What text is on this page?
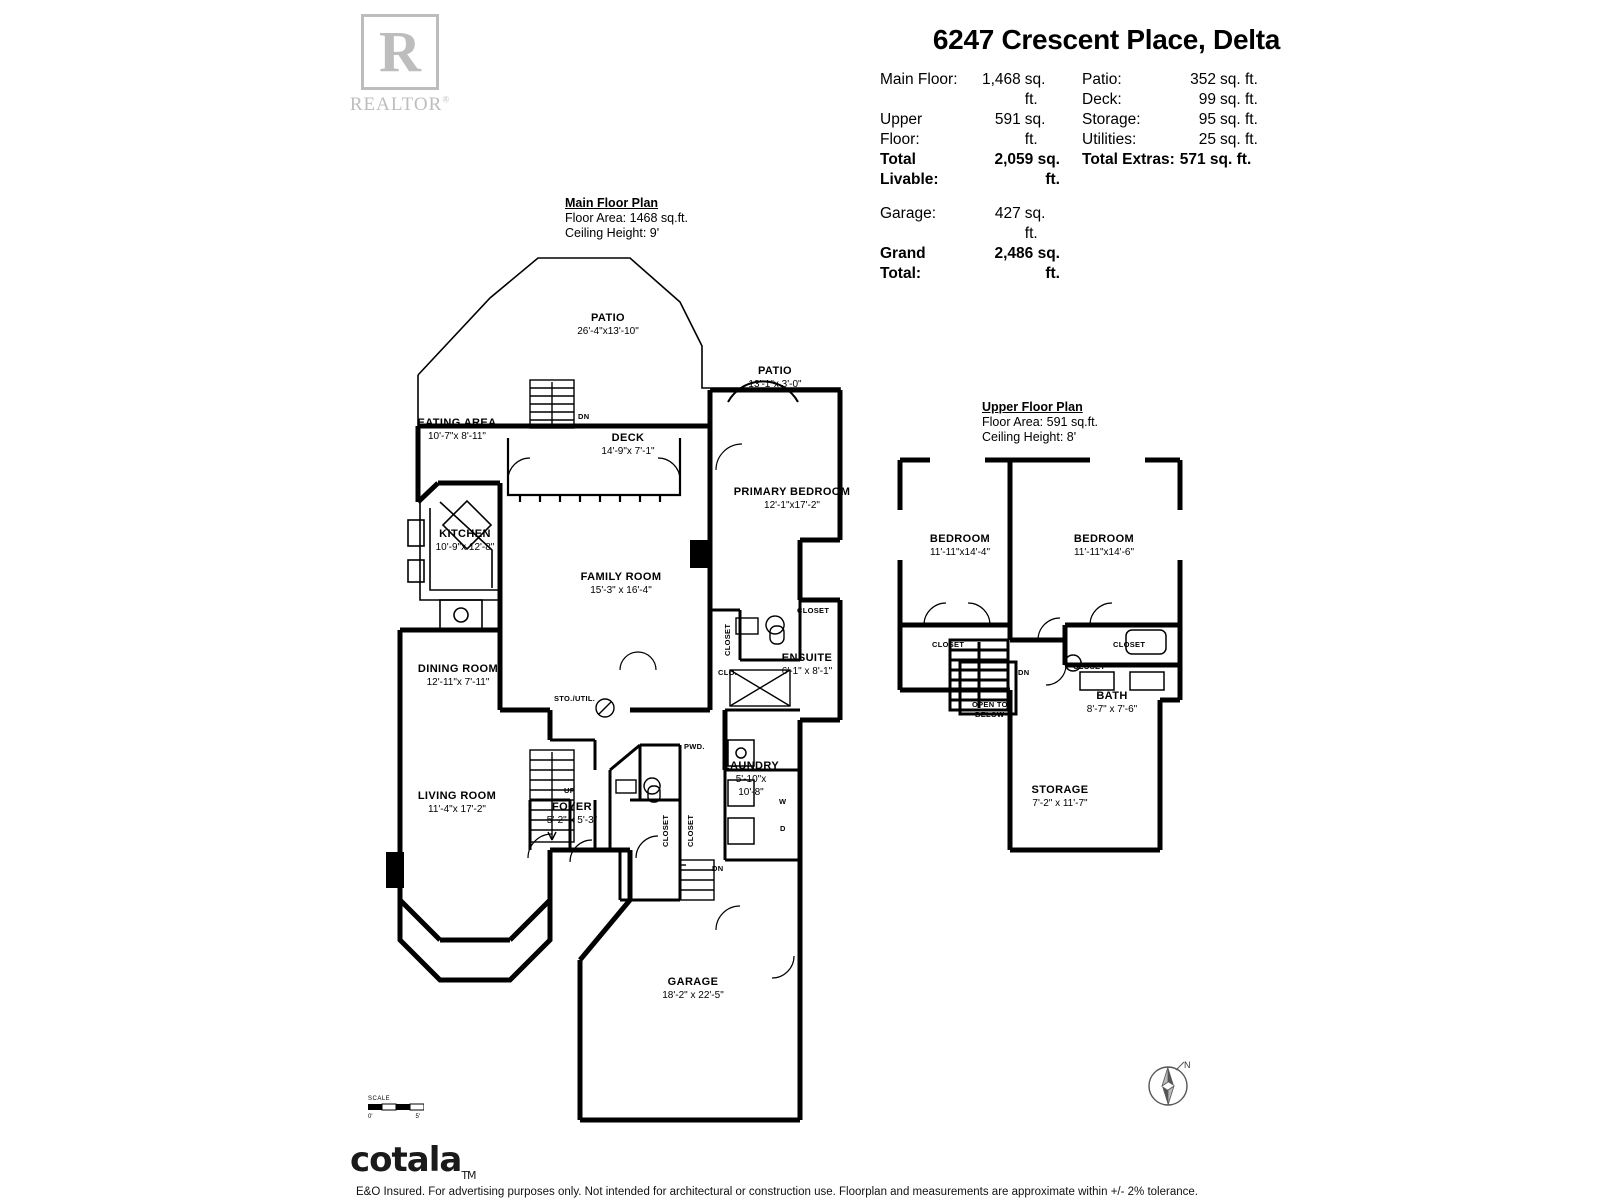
R
REALTOR®
6247 Crescent Place, Delta
Main Floor:	1,468 sq. ft.
Upper Floor:
591 sq. ft.
Total Livable:
2,059 sq. ft.
Garage:	427 sq. ft.
Grand Total:
2,486 sq. ft.
Patio:	352 sq. ft.
Deck:	99 sq. ft.
Storage:	95 sq. ft.
Utilities:	25 sq. ft.
Total Extras: 571 sq. ft.
Main Floor Plan
Floor Area: 1468 sq.ft.
Ceiling Height: 9'
Upper Floor Plan
Floor Area: 591 sq.ft.
Ceiling Height: 8'
PATIO
26'-4"x13'-10"
PATIO
13'-1"x 3'-0"
EATING AREA
10'-7"x 8'-11"	DECK
14'-9"x 7'-1"
KITCHEN
10'-9"x 12'-8"
PRIMARY BEDROOM
12'-1"x17'-2"
FAMILY ROOM
15'-3" x 16'-4"
DINING ROOM
12'-11"x 7'-11"
ENSUITE
6'-1" x 8'-1"
LIVING ROOM
11'-4"x 17'-2"	FOYER
5'-2" x 5'-3"
LAUNDRY
5'-10"x
10'-8"
GARAGE
18'-2" x 22'-5"
CLOSET
CLOSET
CLO.
STO./UTIL.
PWD.
CLOSET CLOSET
FP
FP
UP
DN
DN
W
D
BEDROOM
11'-11"x14'-4"
BEDROOM
11'-11"x14'-6"
BATH
8'-7" x 7'-6"
STORAGE
7'-2" x 11'-7"
CLOSET	CLOSET
CLOSET
OPEN TO
BELOW
DN
SCALE
0'	5'
N
cotala$_{TM}$ E&O Insured. For advertising purposes only. Not intended for architectural or construction use. Floorplan and measurements are approximate within +/- 2% tolerance.
